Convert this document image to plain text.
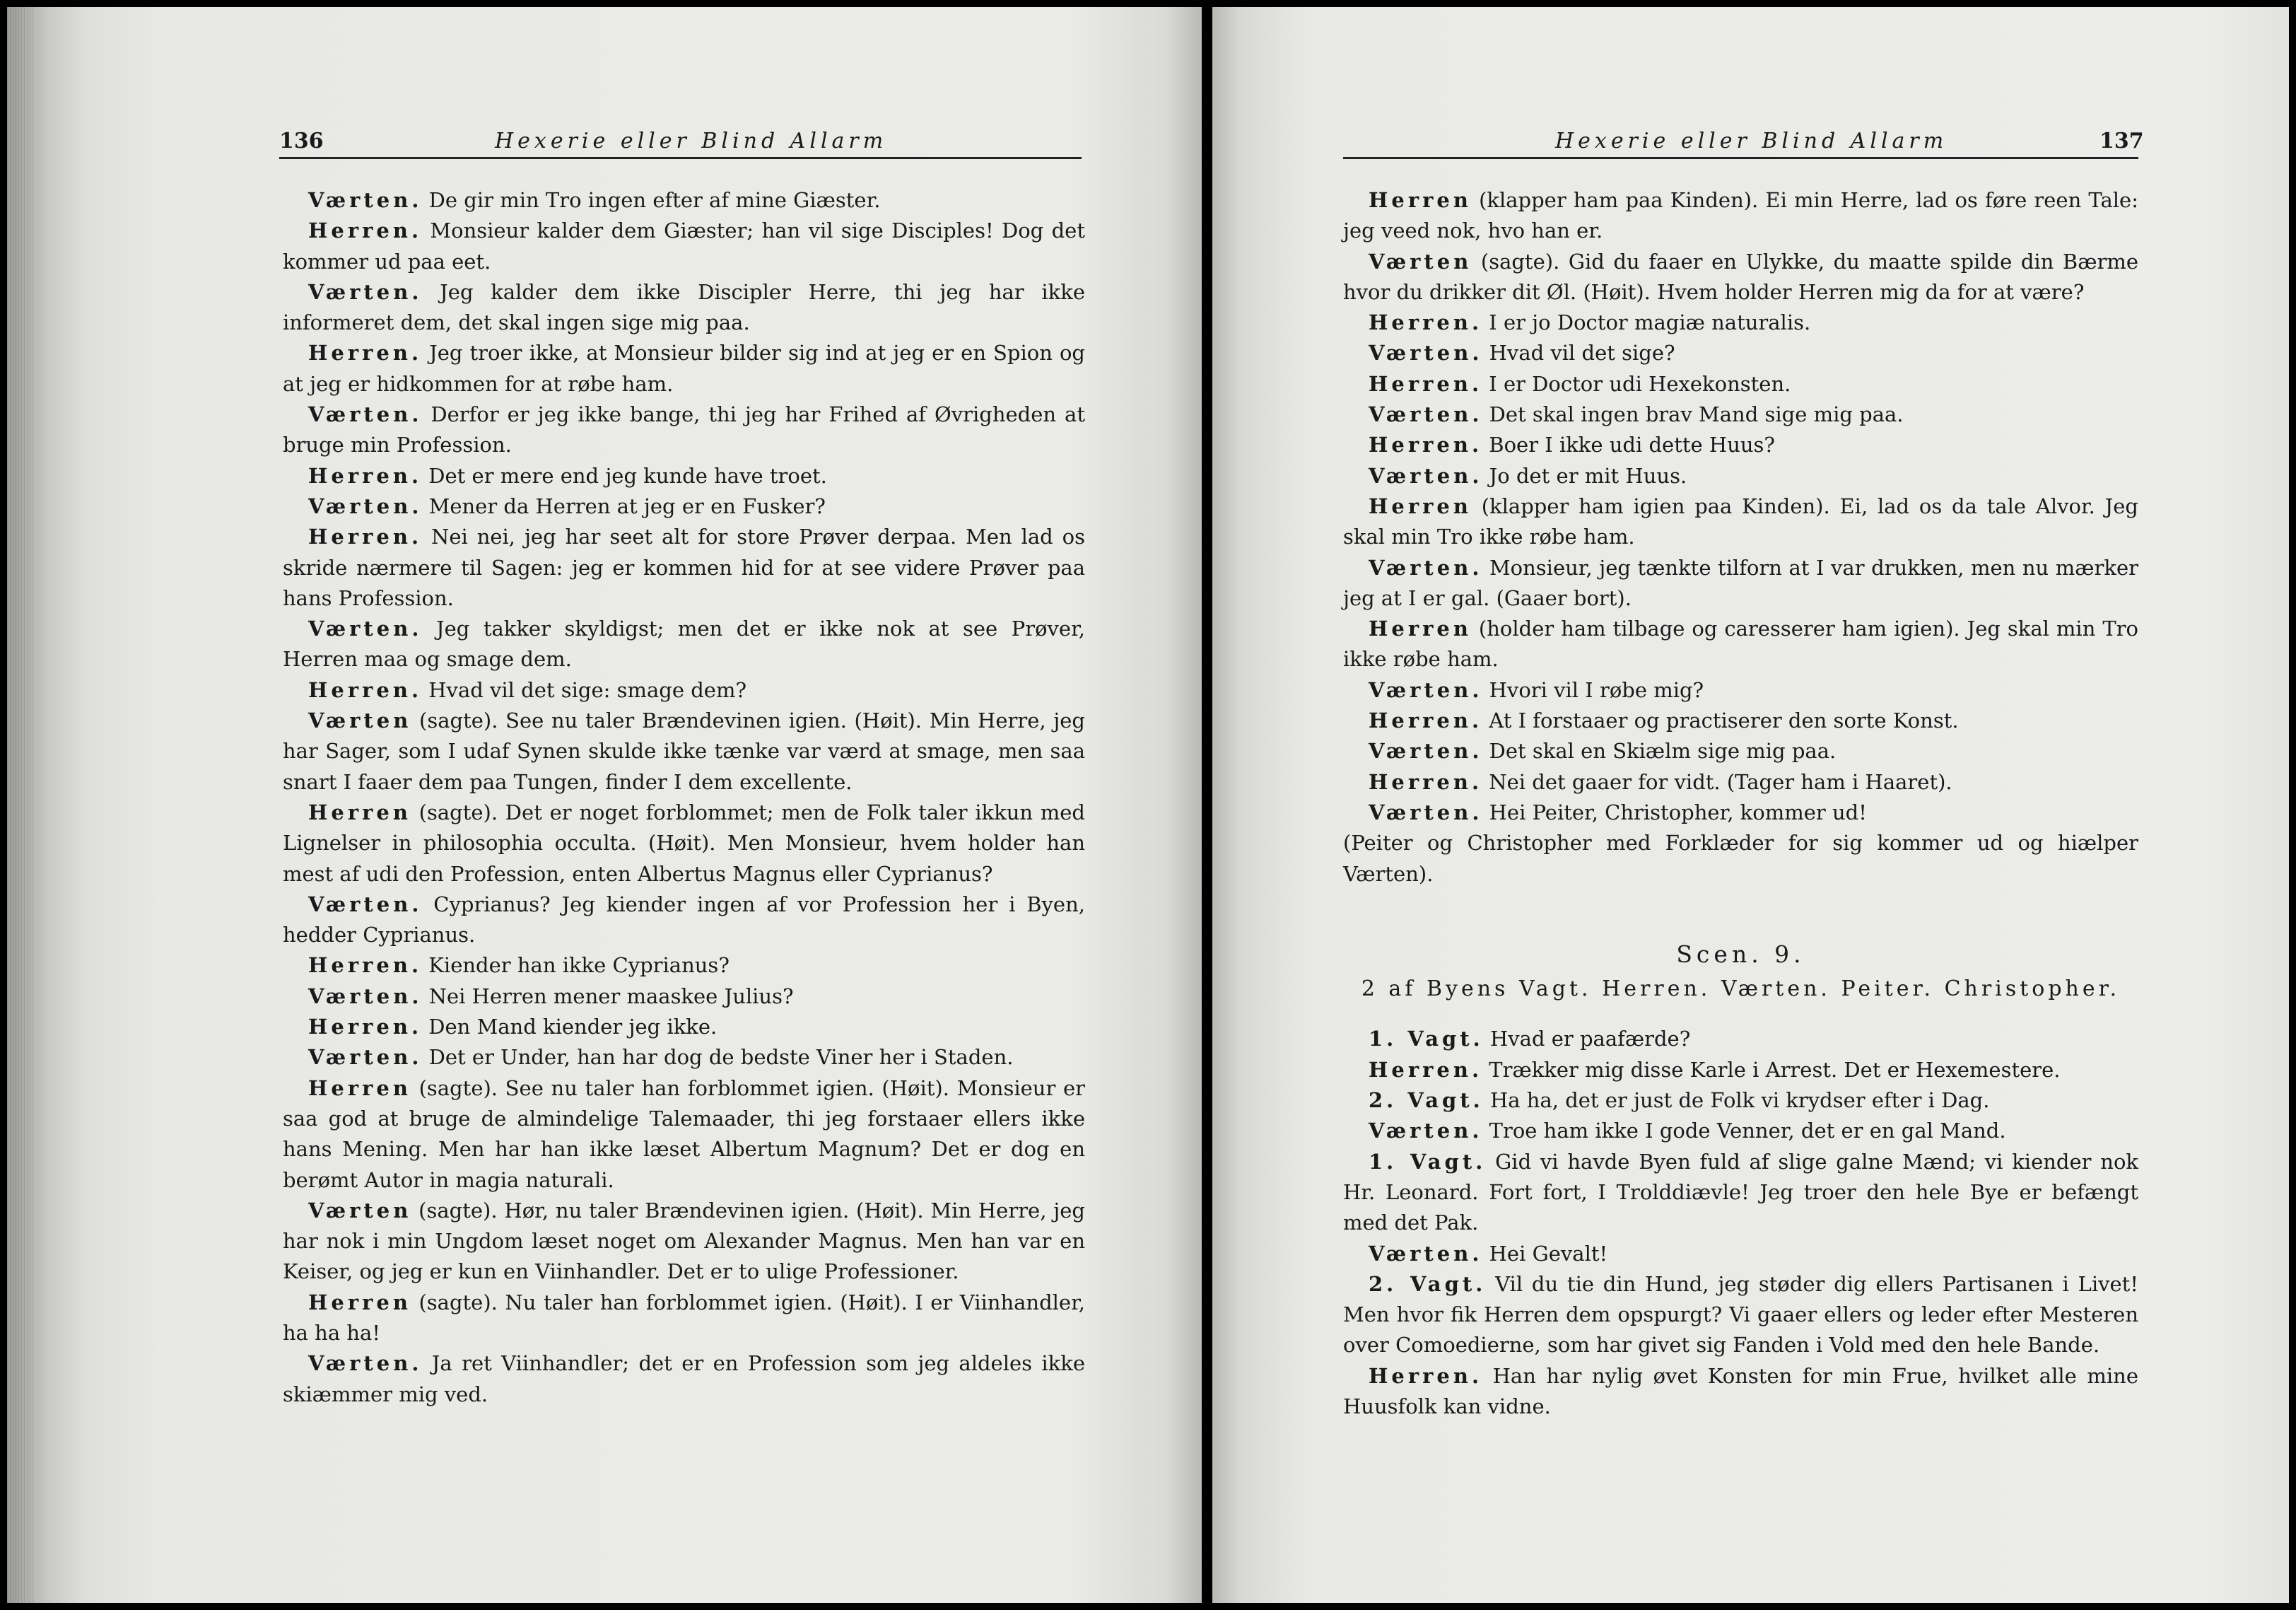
136	Hexerie eller Blind Allarm

Værten. De gir min Tro ingen efter af mine Giæster.

Herren. Monsieur kalder dem Giæster; han vil sige Disciples! Dog det kommer ud paa eet.

Værten. Jeg kalder dem ikke Discipler Herre, thi jeg har ikke informeret dem, det skal ingen sige mig paa.

Herren. Jeg troer ikke, at Monsieur bilder sig ind at jeg er en Spion og at jeg er hidkommen for at røbe ham.

Værten. Derfor er jeg ikke bange, thi jeg har Frihed af Øvrigheden at bruge min Profession.

Herren. Det er mere end jeg kunde have troet.

Værten. Mener da Herren at jeg er en Fusker?

Herren. Nei nei, jeg har seet alt for store Prøver derpaa. Men lad os skride nærmere til Sagen: jeg er kommen hid for at see videre Prøver paa hans Profession.

Værten. Jeg takker skyldigst; men det er ikke nok at see Prøver, Herren maa og smage dem.

Herren. Hvad vil det sige: smage dem?

Værten (sagte). See nu taler Brændevinen igien. (Høit). Min Herre, jeg har Sager, som I udaf Synen skulde ikke tænke var værd at smage, men saa snart I faaer dem paa Tungen, finder I dem excellente.

Herren (sagte). Det er noget forblommet; men de Folk taler ikkun med Lignelser in philosophia occulta. (Høit). Men Monsieur, hvem holder han mest af udi den Profession, enten Albertus Magnus eller Cyprianus?

Værten. Cyprianus? Jeg kiender ingen af vor Profession her i Byen, hedder Cyprianus.

Herren. Kiender han ikke Cyprianus?

Værten. Nei Herren mener maaskee Julius?

Herren. Den Mand kiender jeg ikke.

Værten. Det er Under, han har dog de bedste Viner her i Staden.

Herren (sagte). See nu taler han forblommet igien. (Høit). Monsieur er saa god at bruge de almindelige Talemaader, thi jeg forstaaer ellers ikke hans Mening. Men har han ikke læset Albertum Magnum? Det er dog en berømt Autor in magia naturali.

Værten (sagte). Hør, nu taler Brændevinen igien. (Høit). Min Herre, jeg har nok i min Ungdom læset noget om Alexander Magnus. Men han var en Keiser, og jeg er kun en Viinhandler. Det er to ulige Professioner.

Herren (sagte). Nu taler han forblommet igien. (Høit). I er Viinhandler, ha ha ha!

Værten. Ja ret Viinhandler; det er en Profession som jeg aldeles ikke skiæmmer mig ved.

Hexerie eller Blind Allarm	137

Herren (klapper ham paa Kinden). Ei min Herre, lad os føre reen Tale: jeg veed nok, hvo han er.

Værten (sagte). Gid du faaer en Ulykke, du maatte spilde din Bærme hvor du drikker dit Øl. (Høit). Hvem holder Herren mig da for at være?

Herren. I er jo Doctor magiæ naturalis.

Værten. Hvad vil det sige?

Herren. I er Doctor udi Hexekonsten.

Værten. Det skal ingen brav Mand sige mig paa.

Herren. Boer I ikke udi dette Huus?

Værten. Jo det er mit Huus.

Herren (klapper ham igien paa Kinden). Ei, lad os da tale Alvor. Jeg skal min Tro ikke røbe ham.

Værten. Monsieur, jeg tænkte tilforn at I var drukken, men nu mærker jeg at I er gal. (Gaaer bort).

Herren (holder ham tilbage og caresserer ham igien). Jeg skal min Tro ikke røbe ham.

Værten. Hvori vil I røbe mig?

Herren. At I forstaaer og practiserer den sorte Konst.

Værten. Det skal en Skiælm sige mig paa.

Herren. Nei det gaaer for vidt. (Tager ham i Haaret).

Værten. Hei Peiter, Christopher, kommer ud!

(Peiter og Christopher med Forklæder for sig kommer ud og hiælper Værten).

Scen. 9.
2 af Byens Vagt. Herren. Værten. Peiter. Christopher.

1. Vagt. Hvad er paafærde?

Herren. Trækker mig disse Karle i Arrest. Det er Hexemestere.

2. Vagt. Ha ha, det er just de Folk vi krydser efter i Dag.

Værten. Troe ham ikke I gode Venner, det er en gal Mand.

1. Vagt. Gid vi havde Byen fuld af slige galne Mænd; vi kiender nok Hr. Leonard. Fort fort, I Trolddiævle! Jeg troer den hele Bye er befængt med det Pak.

Værten. Hei Gevalt!

2. Vagt. Vil du tie din Hund, jeg støder dig ellers Partisanen i Livet! Men hvor fik Herren dem opspurgt? Vi gaaer ellers og leder efter Mesteren over Comoedierne, som har givet sig Fanden i Vold med den hele Bande.

Herren. Han har nylig øvet Konsten for min Frue, hvilket alle mine Huusfolk kan vidne.
